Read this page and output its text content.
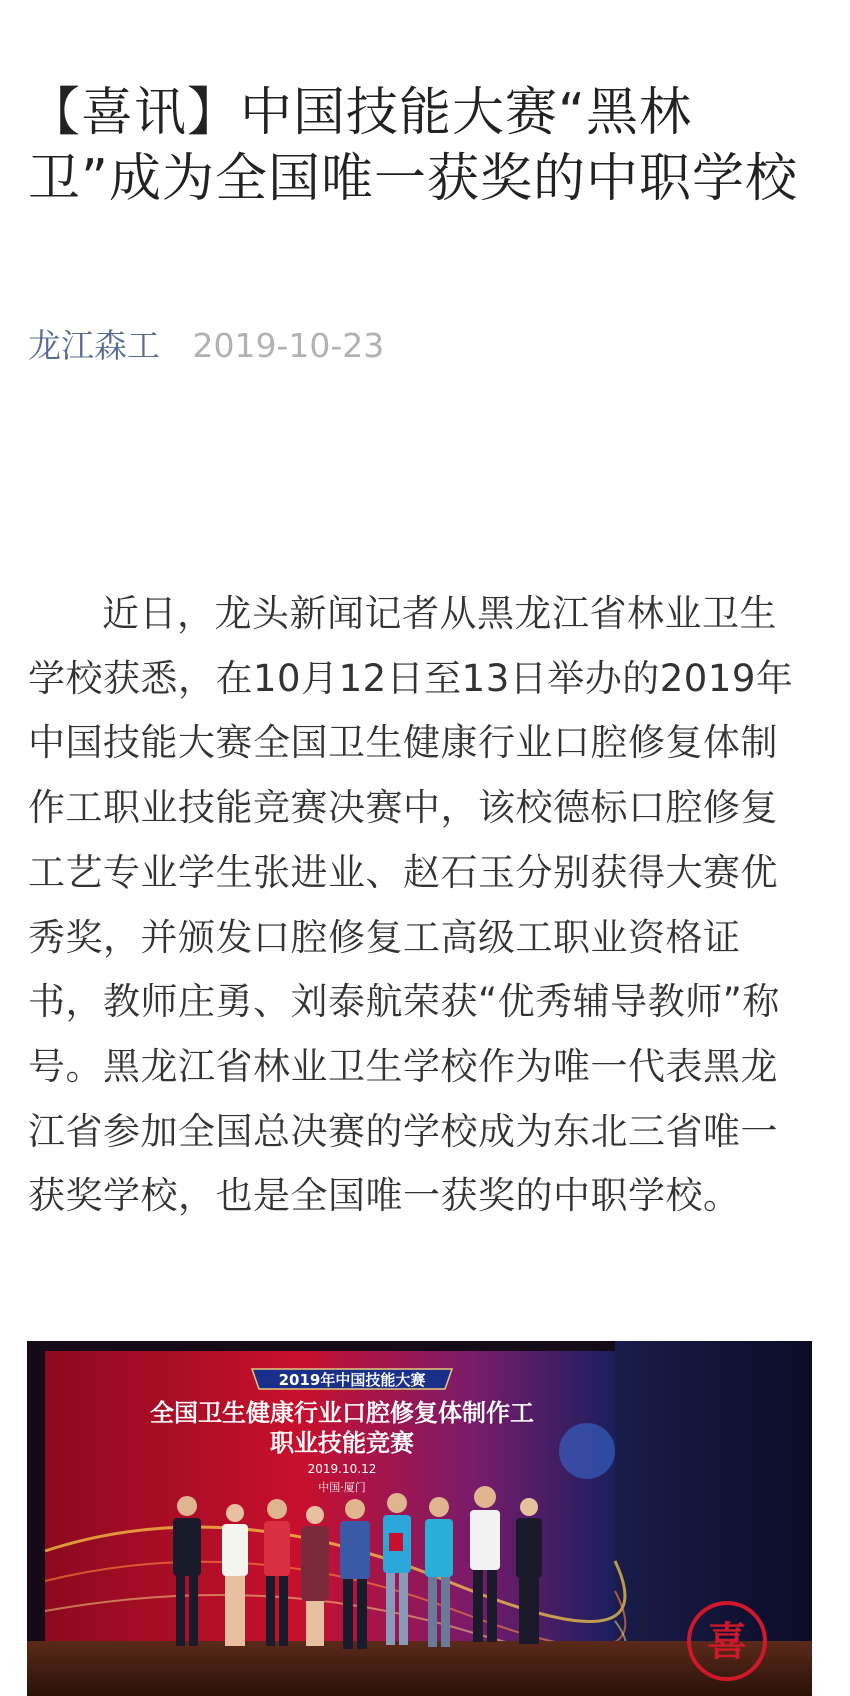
【喜讯】中国技能大赛“黑林卫”成为全国唯一获奖的中职学校
龙江森工 2019-10-23

近日，龙头新闻记者从黑龙江省林业卫生学校获悉，在10月12日至13日举办的2019年中国技能大赛全国卫生健康行业口腔修复体制作工职业技能竞赛决赛中，该校德标口腔修复工艺专业学生张进业、赵石玉分别获得大赛优秀奖，并颁发口腔修复工高级工职业资格证书，教师庄勇、刘泰航荣获“优秀辅导教师”称号。黑龙江省林业卫生学校作为唯一代表黑龙江省参加全国总决赛的学校成为东北三省唯一获奖学校，也是全国唯一获奖的中职学校。

2019年中国技能大赛
全国卫生健康行业口腔修复体制作工
职业技能竞赛
2019.10.12
中国·厦门
喜
